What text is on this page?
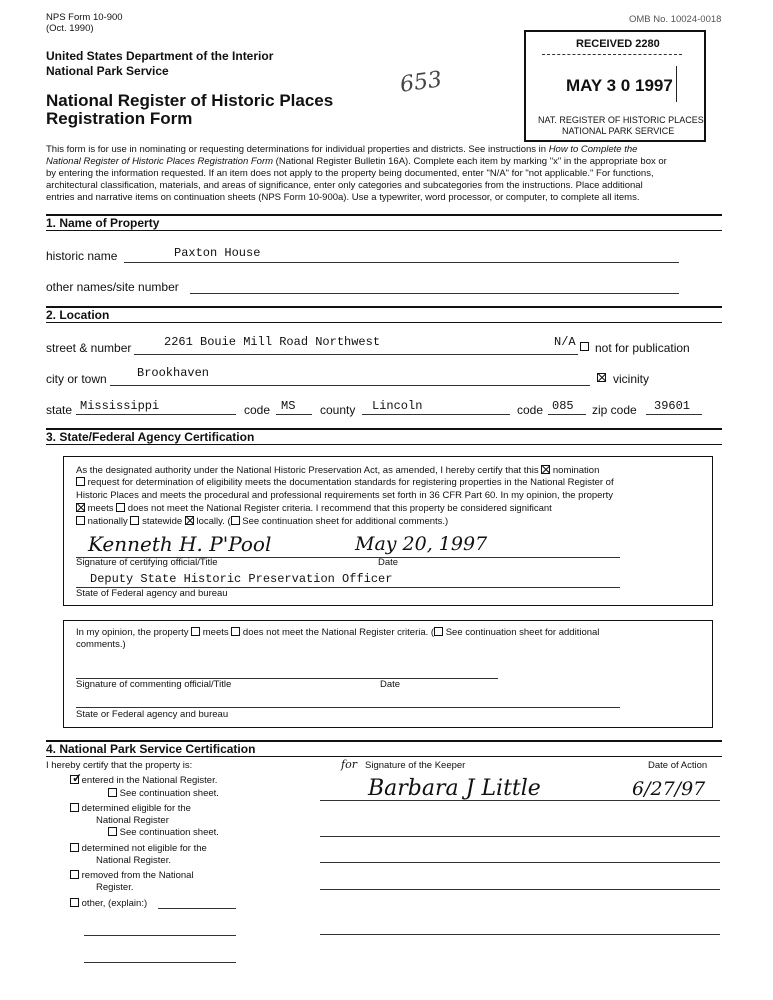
NPS Form 10-900
(Oct. 1990)
OMB No. 10024-0018
United States Department of the Interior
National Park Service
National Register of Historic Places
Registration Form
653
RECEIVED 2280
MAY 3 0 1997
NAT. REGISTER OF HISTORIC PLACES
NATIONAL PARK SERVICE
This form is for use in nominating or requesting determinations for individual properties and districts. See instructions in How to Complete the
National Register of Historic Places Registration Form (National Register Bulletin 16A). Complete each item by marking "x" in the appropriate box or
by entering the information requested. If an item does not apply to the property being documented, enter "N/A" for "not applicable." For functions,
architectural classification, materials, and areas of significance, enter only categories and subcategories from the instructions. Place additional
entries and narrative items on continuation sheets (NPS Form 10-900a). Use a typewriter, word processor, or computer, to complete all items.
1. Name of Property
historic name	Paxton House
other names/site number
2. Location
street & number	2261 Bouie Mill Road Northwest	N/A not for publication
city or town	Brookhaven	vicinity
state Mississippi	code MS county Lincoln	code 085 zip code 39601
3. State/Federal Agency Certification
As the designated authority under the National Historic Preservation Act, as amended, I hereby certify that this nomination
request for determination of eligibility meets the documentation standards for registering properties in the National Register of
Historic Places and meets the procedural and professional requirements set forth in 36 CFR Part 60. In my opinion, the property
meets does not meet the National Register criteria. I recommend that this property be considered significant
nationally statewide locally. ( See continuation sheet for additional comments.)
Kenneth H. P'Pool	May 20, 1997
Signature of certifying official/Title	Date
Deputy State Historic Preservation Officer
State of Federal agency and bureau
In my opinion, the property meets does not meet the National Register criteria. ( See continuation sheet for additional
comments.)
Signature of commenting official/Title	Date
State or Federal agency and bureau
4. National Park Service Certification
I hereby certify that the property is:	Signature of the Keeper
for	Date of Action
Barbara J Little	6/27/97
✓ entered in the National Register.
See continuation sheet.
determined eligible for the
National Register
See continuation sheet.
determined not eligible for the
National Register.
removed from the National
Register.
other, (explain:)
